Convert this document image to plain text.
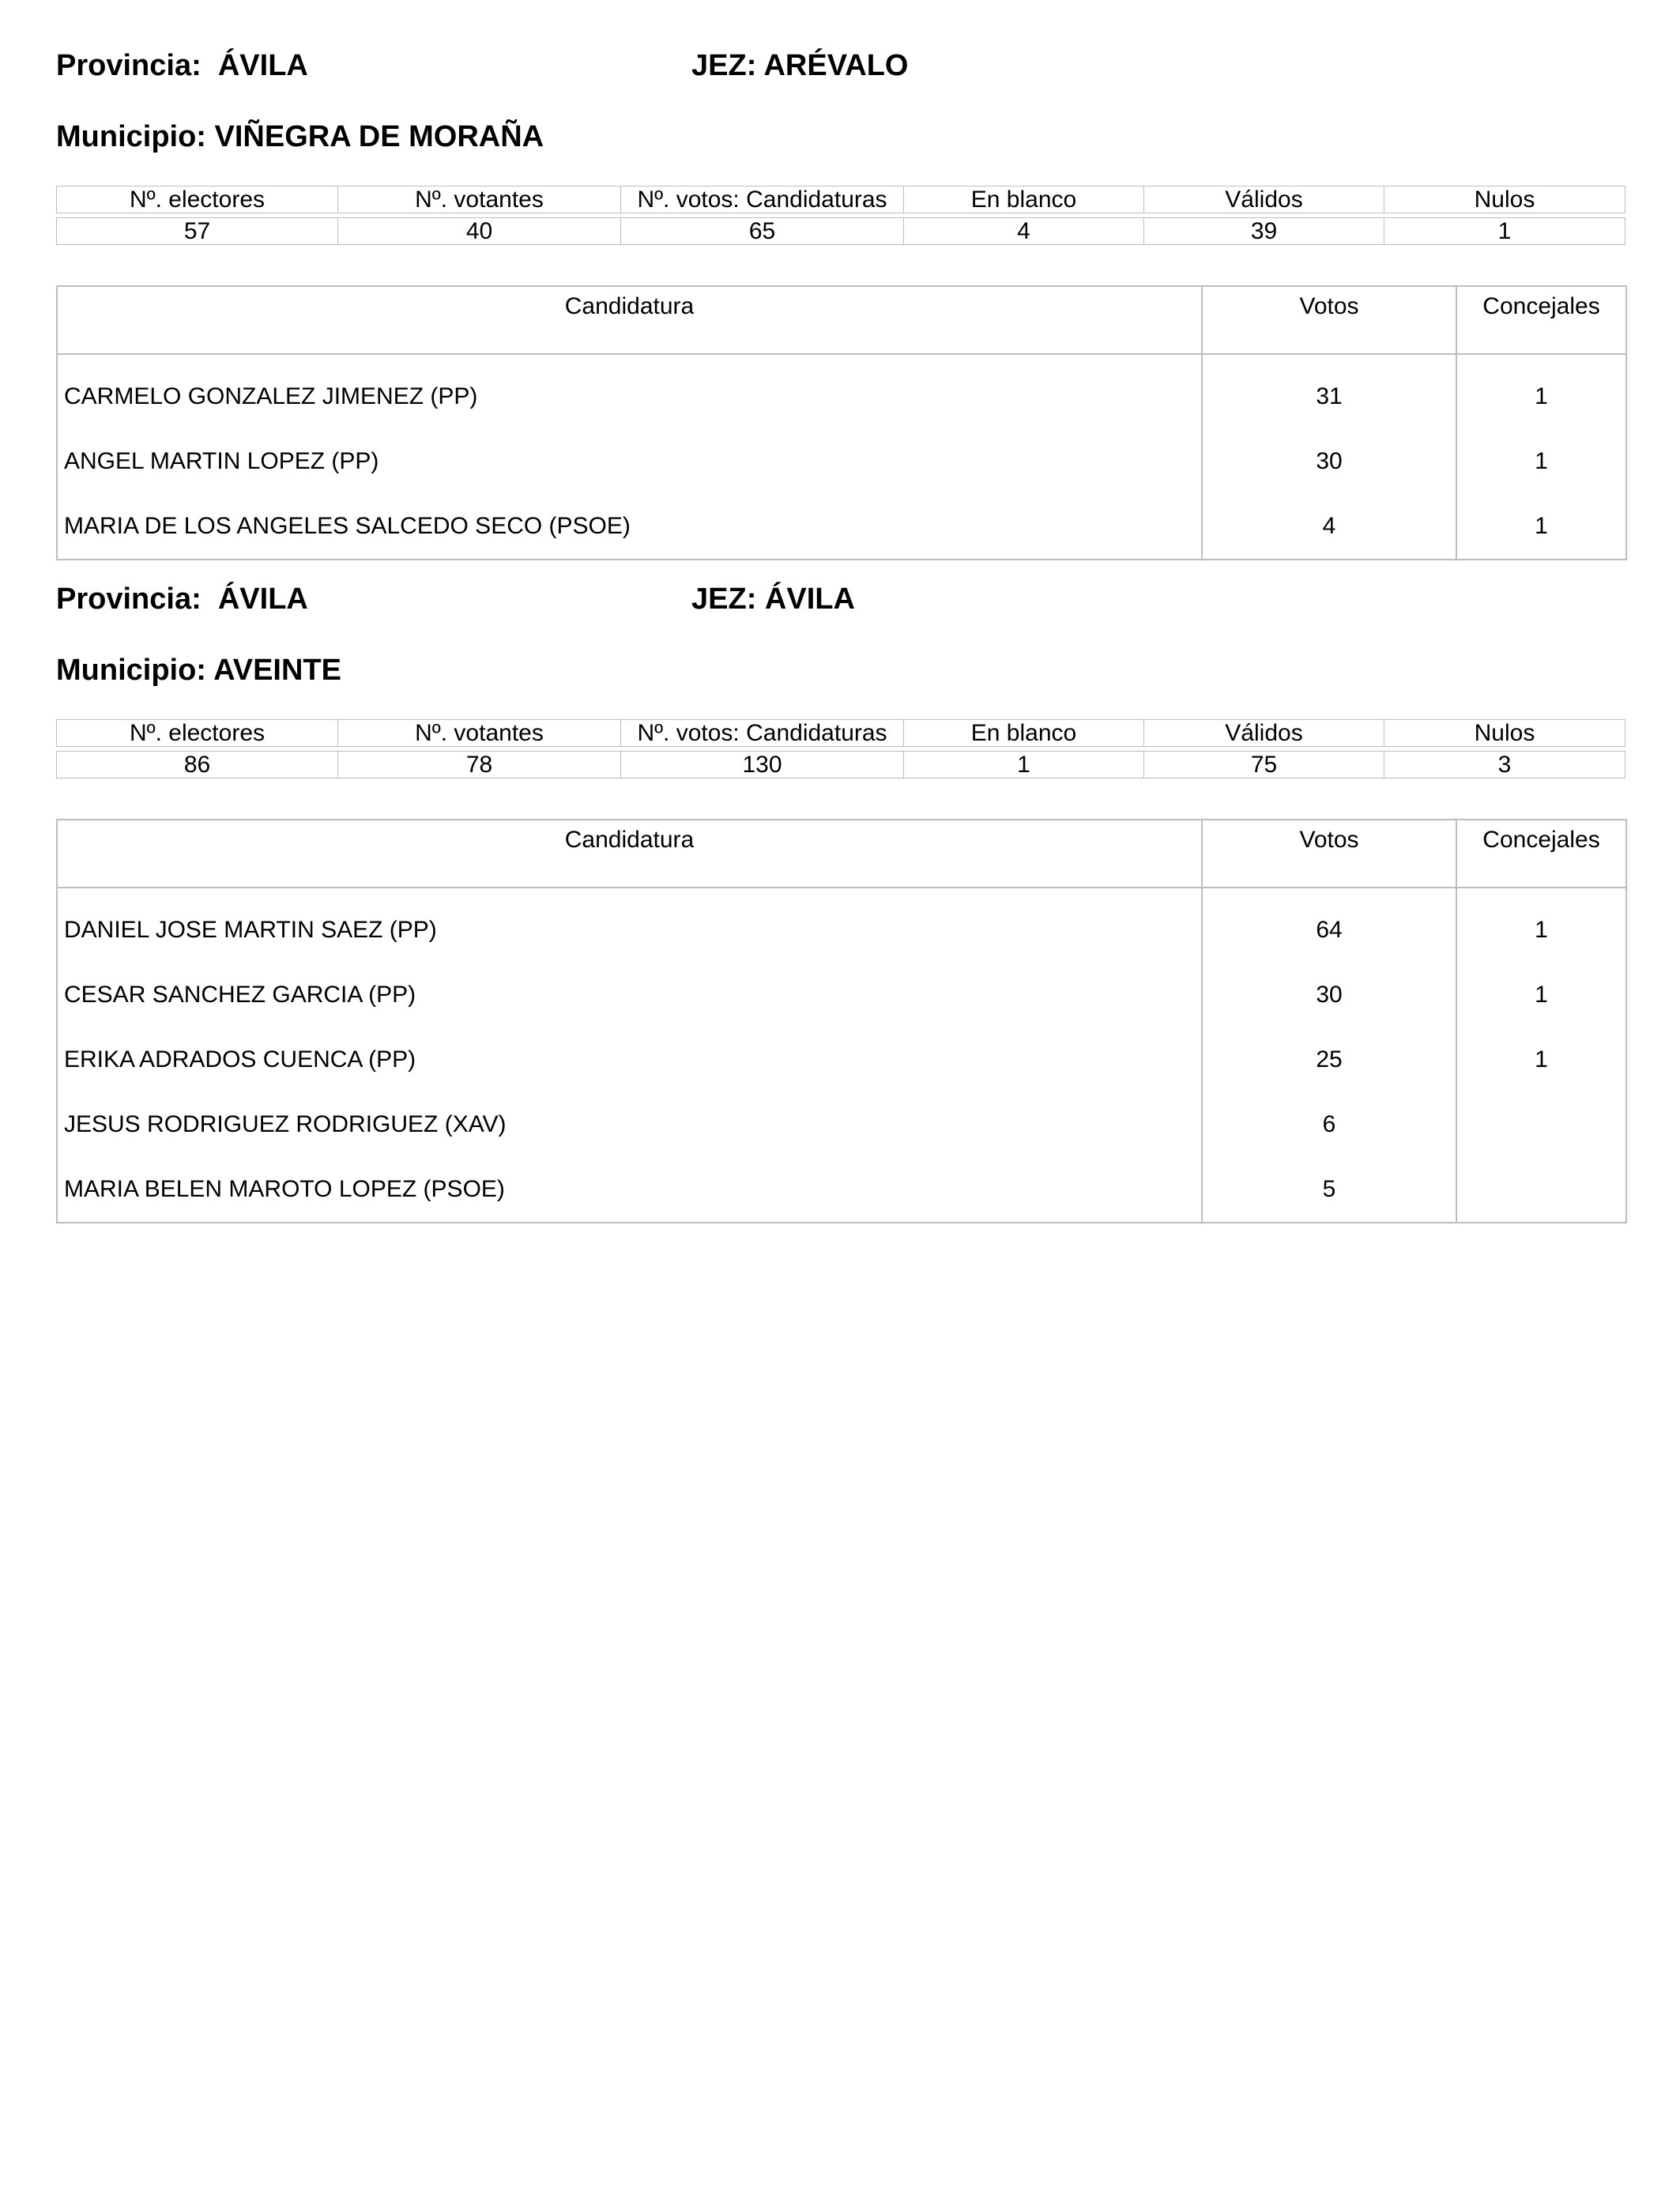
Provincia:  ÁVILA	JEZ: ARÉVALO
Municipio: VIÑEGRA DE MORAÑA
Nº. electores	Nº. votantes	Nº. votos: Candidaturas	En blanco	Válidos	Nulos
57	40	65	4	39	1
Candidatura	Votos	Concejales
CARMELO GONZALEZ JIMENEZ (PP)	31	1
ANGEL MARTIN LOPEZ (PP)	30	1
MARIA DE LOS ANGELES SALCEDO SECO (PSOE)	4	1
Provincia:  ÁVILA	JEZ: ÁVILA
Municipio: AVEINTE
Nº. electores	Nº. votantes	Nº. votos: Candidaturas	En blanco	Válidos	Nulos
86	78	130	1	75	3
Candidatura	Votos	Concejales
DANIEL JOSE MARTIN SAEZ (PP)	64	1
CESAR SANCHEZ GARCIA (PP)	30	1
ERIKA ADRADOS CUENCA (PP)	25	1
JESUS RODRIGUEZ RODRIGUEZ (XAV)	6	
MARIA BELEN MAROTO LOPEZ (PSOE)	5	
